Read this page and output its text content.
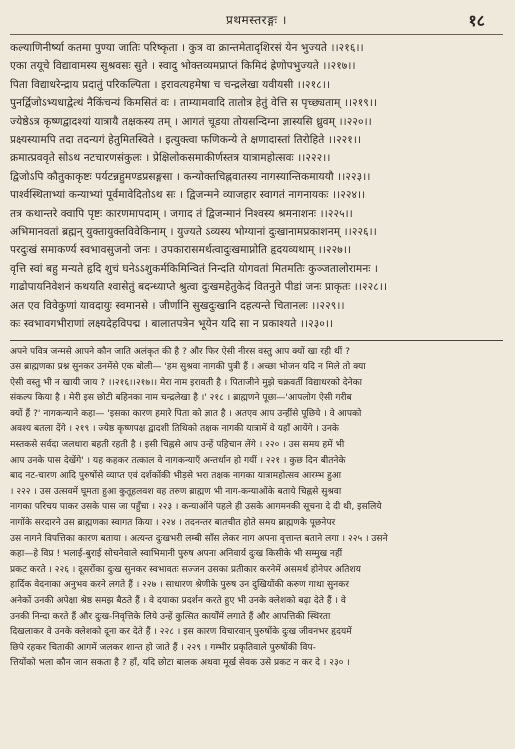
प्रथमस्तरङ्गः ।	१८
कल्याणिनीर्ष्या कतमा पुण्या जातिः परिष्कृता । कुत्र वा क्रान्तमेतादृशिरसं येन भुज्यते ।।२१६।।
एका तयूचे विद्यावामस्य सुश्रवसः सुते । स्वादु भोक्तव्यमप्राप्तं किमिदं ह्रेणोपभुज्यते ।।२१७।।
पिता विद्याधरेन्द्राय प्रदातुं परिकल्पिता । इरावत्यहमेषा च चन्द्रलेखा यवीयसी ।।२१८।।
पुनर्द्विजोऽभ्यधाद्वेत्थं नैकिंचन्यं किमसितं वः । ताम्यामवादि तातोत्र हेतुं वेत्ति स पृच्छ्यताम् ।।२१९।।
ज्येष्ठेऽत्र कृष्णद्वादश्यां यात्रायै तक्षकस्य तम् । आगतं चूडया तोयसन्दिग्ना ज्ञास्यसि ध्रुवम् ।।२२०।।
प्रक्ष्यस्यामपि तदा तदन्यगं हेतुमितस्विते । इत्युक्त्वा फणिकन्ये ते क्षणादास्तां तिरोहिते ।।२२१।।
क्रमात्प्रववृते सोऽथ नटचारणसंकुलः । प्रेक्षिलोकसमाकीर्णस्तत्र यात्रामहोत्सवः ।।२२२।।
द्विजोऽपि कौतुकाकृष्टः पर्यटन्नहुमण्डप्रसङ्गसा । कन्योक्तचिह्नवातस्य नागस्यान्तिकमाययौ ।।२२३।।
पार्श्वस्थिताभ्यां कन्याभ्यां पूर्वमावेदितोऽथ सः । द्विजन्मने व्याजहार स्वागतं नागनायकः ।।२२४।।
तत्र कथान्तरे क्वापि पृष्टः कारणमापदाम् । जगाद तं द्विजन्मानं निश्वस्य श्रमनाशनः ।।२२५।।
अभिमानवतां ब्रह्मन् युक्तायुक्तविवेकिनाम् । युज्यते ऽव्यस्य भोग्यानां दुःखानामप्रकाशनम् ।।२२६।।
परदुःखं समाकर्ण्य स्वभावसुजनो जनः । उपकारासमर्थत्वादुःखमाप्नोति हृदयव्यथाम् ।।२२७।।
वृत्ति स्वां बहु मन्यते हृदि शुचं घनेऽऽशुकर्मकिमिन्वितं निन्दति योगवतां मितमतिः कुञ्जतालोरामनः ।
गाढोपायनिवेशनं कथयति श्वासेतुं बदन्ध्याप्ते श्रुत्वा दुःखमहेतुकेदं वितनुते पीडां जनः प्राकृतः ।।२२८।।
अत एव विवेकुणां यावदायुः स्वमानसे । जीर्णानि सुखदुःखानि दहत्यन्ते चितानलः ।।२२९।।
कः स्वभावगभीराणां लक्ष्यदेहविपद्म । बालातपत्रेन भूयेन यदि सा न प्रकाश्यते ।।२३०।।
अपने पवित्र जन्मसे आपने कौन जाति अलंकृत की है ? और फिर ऐसी नीरस वस्तु आप क्यों खा रही थीं ?
उस ब्राह्मणका प्रश्न सुनकर उनमेंसे एक बोली— 'हम सुश्रवा नागकी पुत्री हैं । अच्छा भोजन यदि न मिले तो क्या
ऐसी वस्तु भी न खायी जाय ? ।।२१६।।२१७।। मेरा नाम इरावती है । पिताजीने मुझे चक्रवर्ती विद्याधरको देनेका
संकल्प किया है । मेरी इस छोटी बहिनका नाम चन्द्रलेखा है ।' २१८ । ब्राह्मणने पूछा—'आपलोग ऐसी गरीब
क्यों हैं ?' नागकन्याने कहा— 'इसका कारण हमारे पिता को ज्ञात है । अतएव आप उन्हींसे पूछिये । वे आपको
अवश्य बतला देंगे । २१९ । ज्येष्ठ कृष्णपक्ष द्वादशी तिथिको तक्षक नागकी यात्रामें वे यहाँ आयेंगे । उनके
मस्तकसे सर्वदा जलधारा बहती रहती है । इसी चिह्नसे आप उन्हें पहिचान लेंगे । २२० । उस समय हमें भी
आप उनके पास देखेंगे' । यह कहकर तत्काल वे नागकन्याएँ अन्तर्धान हो गयीं । २२१ । कुछ दिन बीतनेके
बाद नट-चारण आदि पुरुषोंसे व्याप्त एवं दर्शकोंकी भीड़से भरा तक्षक नागका यात्रामहोत्सव आरम्भ हुआ
। २२२ । उस उत्सवमें घूमता हुआ कुतूहलवश वह तरुण ब्राह्मण भी नाग-कन्याओंके बताये चिह्नसे सुश्रवा
नागका परिचय पाकर उसके पास जा पहुँचा । २२३ । कन्याओंने पहले ही उसके आगमनकी सूचना दे दी थी, इसलिये
नागोंके सरदारने उस ब्राह्मणका स्वागत किया । २२४ । तदनन्तर बातचीत होते समय ब्राह्मणके पूछनेपर
उस नागने विपत्तिका कारण बताया । अत्यन्त दुःखभरी लम्बी साँस लेकर नाग अपना वृत्तान्त बताने लगा । २२५ । उसने
कहा—हे विप्र ! भलाई-बुराई सोचनेवाले स्वाभिमानी पुरुष अपना अनिवार्य दुःख किसीके भी सम्मुख नहीं
प्रकट करते । २२६ । दूसरोंका दुःख सुनकर स्वभावतः सज्जन उसका प्रतीकार करनेमें असमर्थ होनेपर अतिशय
हार्दिक वेदनाका अनुभव करने लगते हैं । २२७ । साधारण श्रेणीके पुरुष उन दुखियोंकी करुण गाथा सुनकर
अनेकों उनकी अपेक्षा श्रेष्ठ समझ बैठते हैं । वे दयाका प्रदर्शन करते हुए भी उनके क्लेशको बढ़ा देते हैं । वे
उनकी निन्दा करते हैं और दुःख-निवृत्तिके लिये उन्हें कुत्सित कार्योंमें लगाते हैं और आपत्तिकी स्थिरता
दिखलाकर वे उनके क्लेशको दूना कर देते हैं । २२८ । इस कारण विचारवान् पुरुषोंके दुःख जीवनभर हृदयमें
छिपे रहकर चिताकी आगमें जलकर शान्त हो जाते हैं । २२९ । गम्भीर प्रकृतिवाले पुरुषोंकी विप-
त्तियोंको भला कौन जान सकता है ? हाँ, यदि छोटा बालक अथवा मूर्ख सेवक उसे प्रकट न कर दे । २३० ।
